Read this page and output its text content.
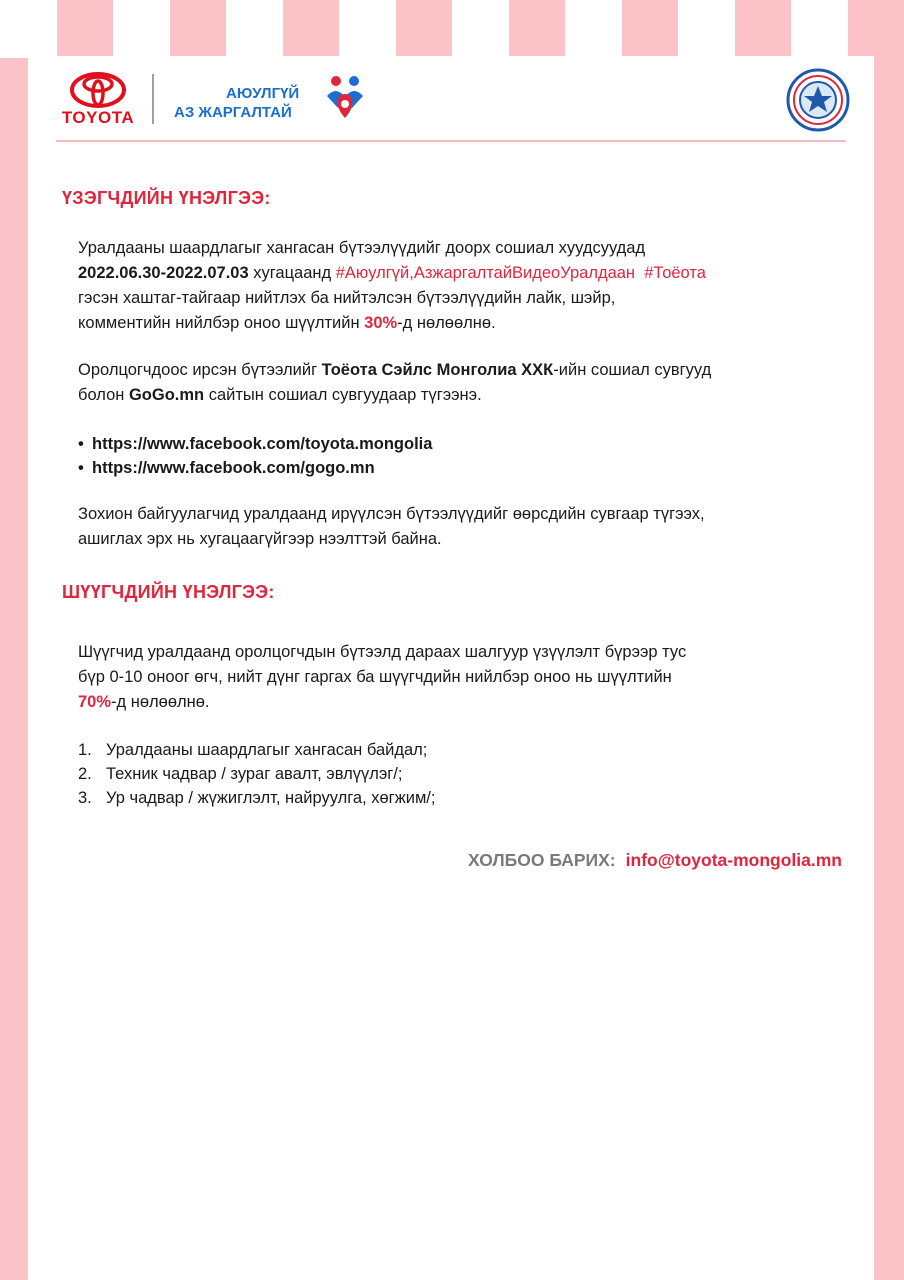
TOYOTA
АЮУЛГҮЙ
АЗ ЖАРГАЛТАЙ
ҮЗЭГЧДИЙН ҮНЭЛГЭЭ:
Уралдааны шаардлагыг хангасан бүтээлүүдийг доорх сошиал хуудсуудад
2022.06.30-2022.07.03 хугацаанд #Аюулгүй,АзжаргалтайВидеоУралдаан #Тоёота
гэсэн хаштаг-тайгаар нийтлэх ба нийтэлсэн бүтээлүүдийн лайк, шэйр,
комментийн нийлбэр оноо шүүлтийн 30%-д нөлөөлнө.
Оролцогчдоос ирсэн бүтээлийг Тоёота Сэйлс Монголиа ХХК-ийн сошиал сувгууд
болон GoGo.mn сайтын сошиал сувгуудаар түгээнэ.
• https://www.facebook.com/toyota.mongolia
• https://www.facebook.com/gogo.mn
Зохион байгуулагчид уралдаанд ирүүлсэн бүтээлүүдийг өөрсдийн сувгаар түгээх,
ашиглах эрх нь хугацаагүйгээр нээлттэй байна.
ШҮҮГЧДИЙН ҮНЭЛГЭЭ:
Шүүгчид уралдаанд оролцогчдын бүтээлд дараах шалгуур үзүүлэлт бүрээр тус
бүр 0-10 оноог өгч, нийт дүнг гаргах ба шүүгчдийн нийлбэр оноо нь шүүлтийн
70%-д нөлөөлнө.
1. Уралдааны шаардлагыг хангасан байдал;
2. Техник чадвар / зураг авалт, эвлүүлэг/;
3. Ур чадвар / жүжиглэлт, найруулга, хөгжим/;
ХОЛБОО БАРИХ: info@toyota-mongolia.mn
